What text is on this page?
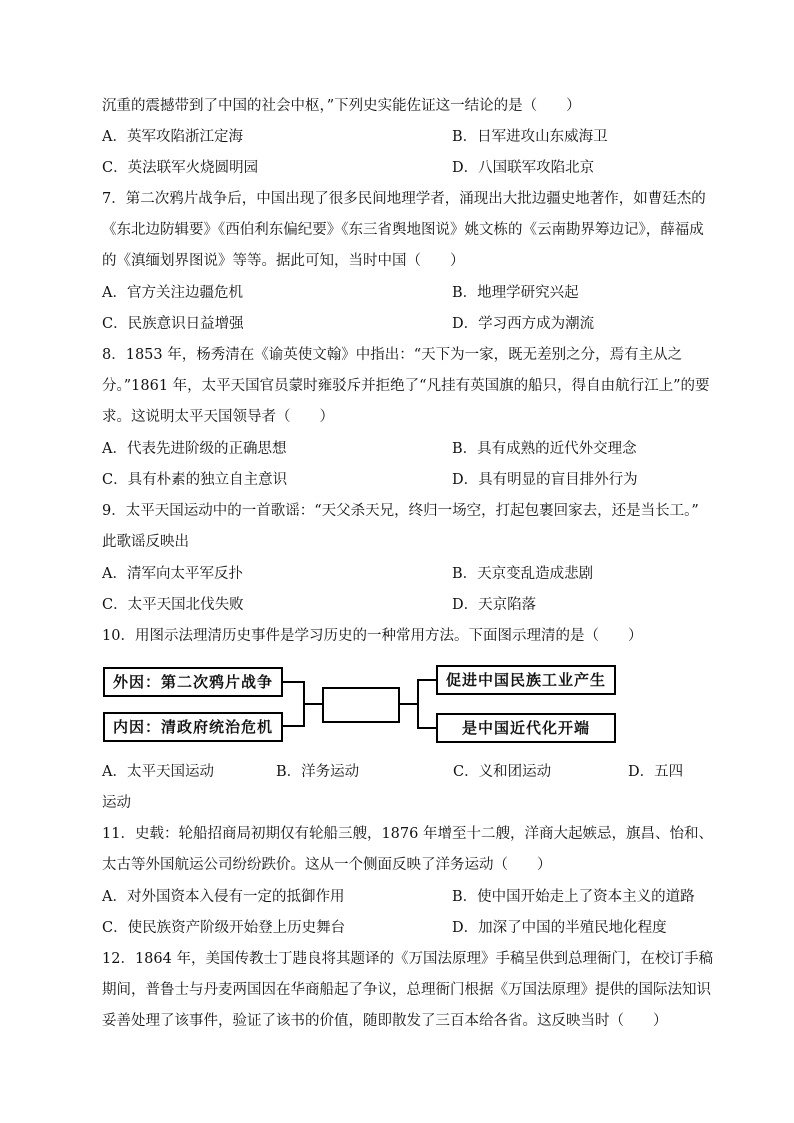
沉重的震撼带到了中国的社会中枢，”下列史实能佐证这一结论的是（　　）
A．英军攻陷浙江定海	B．日军进攻山东威海卫
C．英法联军火烧圆明园	D．八国联军攻陷北京
7．第二次鸦片战争后，中国出现了很多民间地理学者，涌现出大批边疆史地著作，如曹廷杰的
《东北边防辑要》《西伯利东偏纪要》《东三省舆地图说》姚文栋的《云南勘界筹边记》，薛福成
的《滇缅划界图说》等等。据此可知，当时中国（　　）
A．官方关注边疆危机	B．地理学研究兴起
C．民族意识日益增强	D．学习西方成为潮流
8．1853 年，杨秀清在《谕英使文翰》中指出：“天下为一家，既无差别之分，焉有主从之
分。”1861 年，太平天国官员蒙时雍驳斥并拒绝了“凡挂有英国旗的船只，得自由航行江上”的要
求。这说明太平天国领导者（　　）
A．代表先进阶级的正确思想	B．具有成熟的近代外交理念
C．具有朴素的独立自主意识	D．具有明显的盲目排外行为
9．太平天国运动中的一首歌谣：“天父杀天兄，终归一场空，打起包裹回家去，还是当长工。”
此歌谣反映出
A．清军向太平军反扑	B．天京变乱造成悲剧
C．太平天国北伐失败	D．天京陷落
10．用图示法理清历史事件是学习历史的一种常用方法。下面图示理清的是（　　）
外因：第二次鸦片战争
内因：清政府统治危机
促进中国民族工业产生
是中国近代化开端
A．太平天国运动	B．洋务运动	C．义和团运动	D．五四
运动
11．史载：轮船招商局初期仅有轮船三艘，1876 年增至十二艘，洋商大起嫉忌，旗昌、怡和、
太古等外国航运公司纷纷跌价。这从一个侧面反映了洋务运动（　　）
A．对外国资本入侵有一定的抵御作用	B．使中国开始走上了资本主义的道路
C．使民族资产阶级开始登上历史舞台	D．加深了中国的半殖民地化程度
12．1864 年，美国传教士丁韪良将其题译的《万国法原理》手稿呈供到总理衙门，在校订手稿
期间，普鲁士与丹麦两国因在华商船起了争议，总理衙门根据《万国法原理》提供的国际法知识
妥善处理了该事件，验证了该书的价值，随即散发了三百本给各省。这反映当时（　　）
